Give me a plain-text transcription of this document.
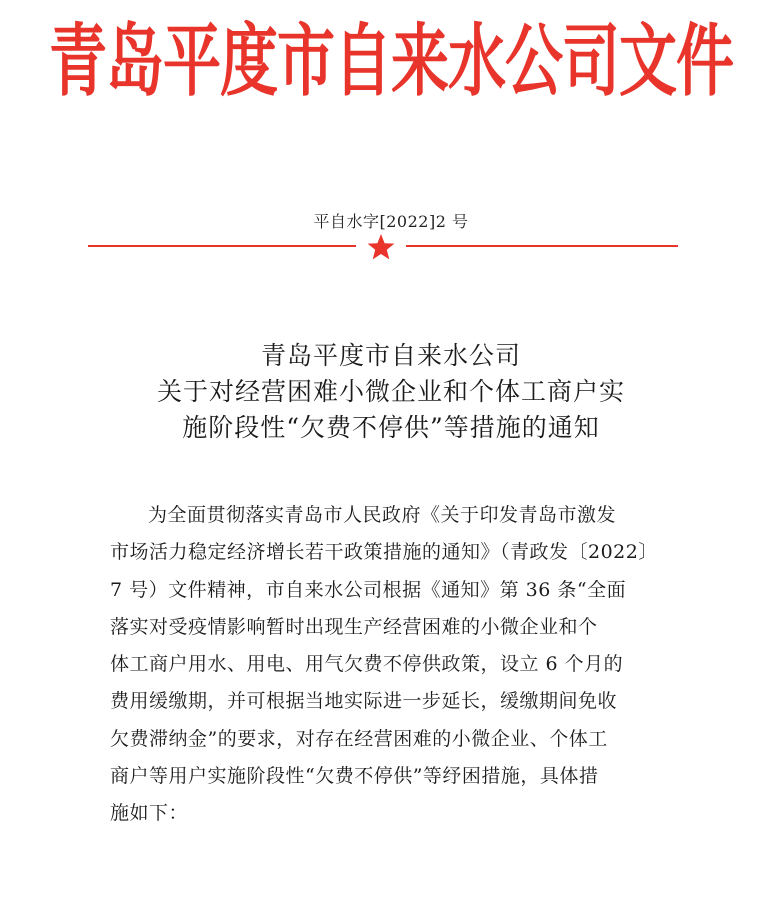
青岛平度市自来水公司文件
平自水字[2022]2 号
青岛平度市自来水公司
关于对经营困难小微企业和个体工商户实
施阶段性“欠费不停供”等措施的通知
为全面贯彻落实青岛市人民政府《关于印发青岛市激发
市场活力稳定经济增长若干政策措施的通知》（青政发〔2022〕
7 号）文件精神，市自来水公司根据《通知》第 36 条“全面
落实对受疫情影响暂时出现生产经营困难的小微企业和个
体工商户用水、用电、用气欠费不停供政策，设立 6 个月的
费用缓缴期，并可根据当地实际进一步延长，缓缴期间免收
欠费滞纳金”的要求，对存在经营困难的小微企业、个体工
商户等用户实施阶段性“欠费不停供”等纾困措施，具体措
施如下：
